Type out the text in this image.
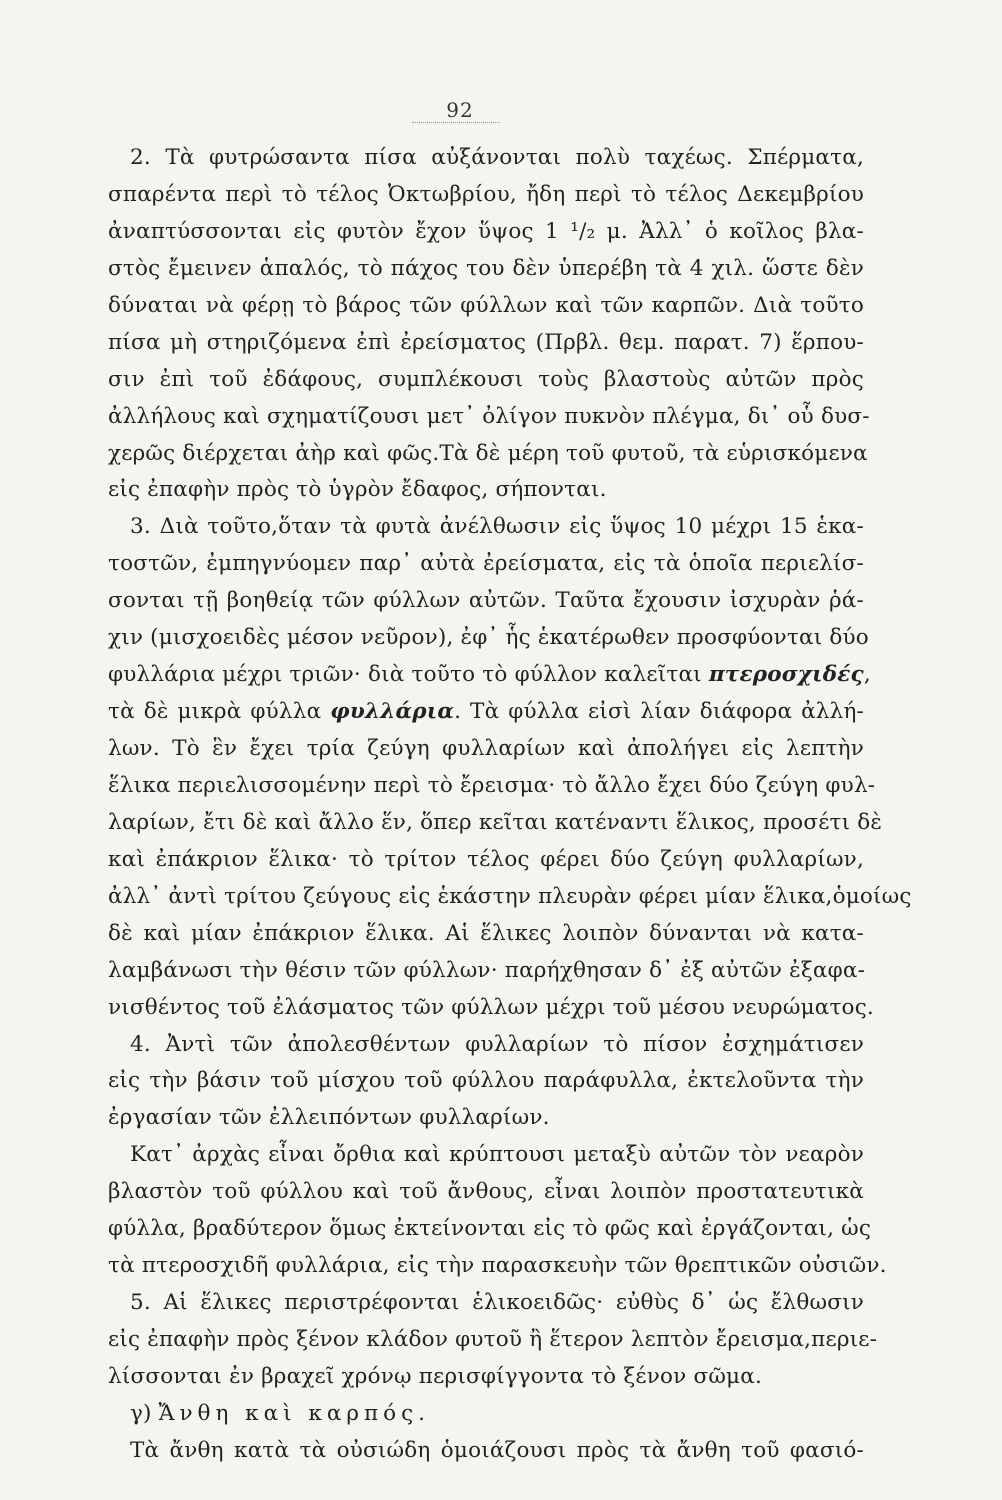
92
2. Τὰ φυτρώσαντα πίσα αὐξάνονται πολὺ ταχέως. Σπέρματα,
σπαρέντα περὶ τὸ τέλος Ὀκτωβρίου, ἤδη περὶ τὸ τέλος Δεκεμβρίου
ἀναπτύσσονται εἰς φυτὸν ἔχον ὕψος 1 ¹/₂ μ. Ἀλλ᾽ ὁ κοῖλος βλα-
στὸς ἔμεινεν ἁπαλός, τὸ πάχος του δὲν ὑπερέβη τὰ 4 χιλ. ὥστε δὲν
δύναται νὰ φέρῃ τὸ βάρος τῶν φύλλων καὶ τῶν καρπῶν. Διὰ τοῦτο
πίσα μὴ στηριζόμενα ἐπὶ ἐρείσματος (Πρβλ. θεμ. παρατ. 7) ἕρπου-
σιν ἐπὶ τοῦ ἐδάφους, συμπλέκουσι τοὺς βλαστοὺς αὐτῶν πρὸς
ἀλλήλους καὶ σχηματίζουσι μετ᾽ ὀλίγον πυκνὸν πλέγμα, δι᾽ οὗ δυσ-
χερῶς διέρχεται ἀὴρ καὶ φῶς.Τὰ δὲ μέρη τοῦ φυτοῦ, τὰ εὑρισκόμενα
εἰς ἐπαφὴν πρὸς τὸ ὑγρὸν ἔδαφος, σήπονται.
3. Διὰ τοῦτο,ὅταν τὰ φυτὰ ἀνέλθωσιν εἰς ὕψος 10 μέχρι 15 ἑκα-
τοστῶν, ἐμπηγνύομεν παρ᾽ αὐτὰ ἐρείσματα, εἰς τὰ ὁποῖα περιελίσ-
σονται τῇ βοηθείᾳ τῶν φύλλων αὐτῶν. Ταῦτα ἔχουσιν ἰσχυρὰν ῥά-
χιν (μισχοειδὲς μέσον νεῦρον), ἐφ᾽ ἧς ἑκατέρωθεν προσφύονται δύο
φυλλάρια μέχρι τριῶν· διὰ τοῦτο τὸ φύλλον καλεῖται πτεροσχιδές,
τὰ δὲ μικρὰ φύλλα φυλλάρια. Τὰ φύλλα εἰσὶ λίαν διάφορα ἀλλή-
λων. Τὸ ἓν ἔχει τρία ζεύγη φυλλαρίων καὶ ἀπολήγει εἰς λεπτὴν
ἕλικα περιελισσομένην περὶ τὸ ἔρεισμα· τὸ ἄλλο ἔχει δύο ζεύγη φυλ-
λαρίων, ἔτι δὲ καὶ ἄλλο ἕν, ὅπερ κεῖται κατέναντι ἕλικος, προσέτι δὲ
καὶ ἐπάκριον ἕλικα· τὸ τρίτον τέλος φέρει δύο ζεύγη φυλλαρίων,
ἀλλ᾽ ἀντὶ τρίτου ζεύγους εἰς ἑκάστην πλευρὰν φέρει μίαν ἕλικα,ὁμοίως
δὲ καὶ μίαν ἐπάκριον ἕλικα. Αἱ ἕλικες λοιπὸν δύνανται νὰ κατα-
λαμβάνωσι τὴν θέσιν τῶν φύλλων· παρήχθησαν δ᾽ ἐξ αὐτῶν ἐξαφα-
νισθέντος τοῦ ἐλάσματος τῶν φύλλων μέχρι τοῦ μέσου νευρώματος.
4. Ἀντὶ τῶν ἀπολεσθέντων φυλλαρίων τὸ πίσον ἐσχημάτισεν
εἰς τὴν βάσιν τοῦ μίσχου τοῦ φύλλου παράφυλλα, ἐκτελοῦντα τὴν
ἐργασίαν τῶν ἐλλειπόντων φυλλαρίων.
Κατ᾽ ἀρχὰς εἶναι ὄρθια καὶ κρύπτουσι μεταξὺ αὐτῶν τὸν νεαρὸν
βλαστὸν τοῦ φύλλου καὶ τοῦ ἄνθους, εἶναι λοιπὸν προστατευτικὰ
φύλλα, βραδύτερον ὅμως ἐκτείνονται εἰς τὸ φῶς καὶ ἐργάζονται, ὡς
τὰ πτεροσχιδῆ φυλλάρια, εἰς τὴν παρασκευὴν τῶν θρεπτικῶν οὐσιῶν.
5. Αἱ ἕλικες περιστρέφονται ἑλικοειδῶς· εὐθὺς δ᾽ ὡς ἔλθωσιν
εἰς ἐπαφὴν πρὸς ξένον κλάδον φυτοῦ ἢ ἕτερον λεπτὸν ἔρεισμα,περιε-
λίσσονται ἐν βραχεῖ χρόνῳ περισφίγγοντα τὸ ξένον σῶμα.
γ) Ἄνθη καὶ καρπός.
Τὰ ἄνθη κατὰ τὰ οὐσιώδη ὁμοιάζουσι πρὸς τὰ ἄνθη τοῦ φασιό-
